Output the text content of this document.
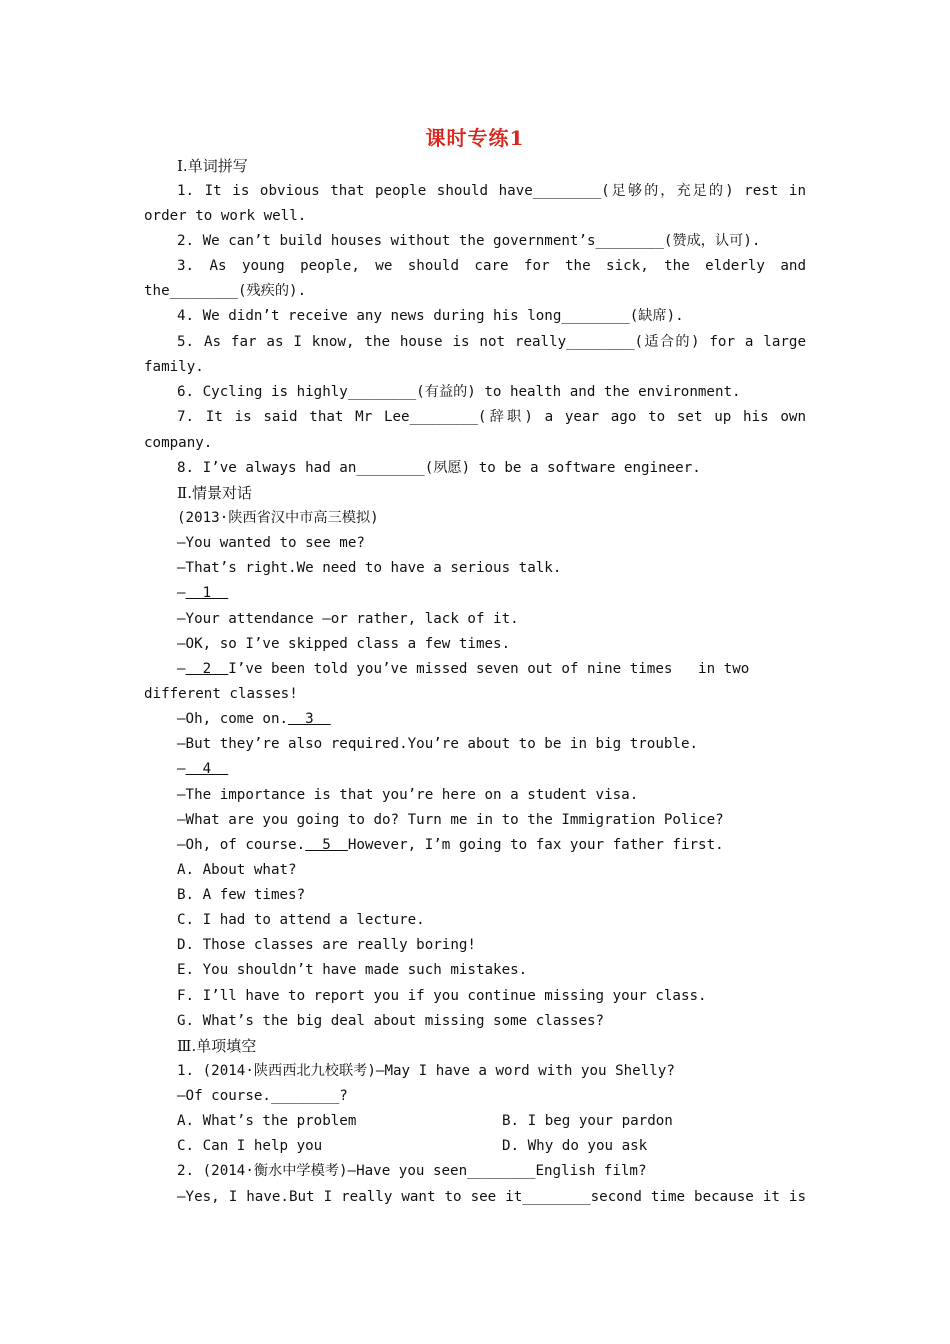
课时专练1
Ⅰ.单词拼写
1. It is obvious that people should have________(足够的，充足的) rest in
order to work well.
2. We can’t build houses without the government’s________(赞成，认可).
3. As young people, we should care for the sick, the elderly and
the________(残疾的).
4. We didn’t receive any news during his long________(缺席).
5. As far as I know, the house is not really________(适合的) for a large
family.
6. Cycling is highly________(有益的) to health and the environment.
7. It is said that Mr Lee________(辞职) a year ago to set up his own
company.
8. I’ve always had an________(夙愿) to be a software engineer.
Ⅱ.情景对话
(2013·陕西省汉中市高三模拟)
—You wanted to see me?
—That’s right.We need to have a serious talk.
—  1
—Your attendance —or rather, lack of it.
—OK, so I’ve skipped class a few times.
—  2  I’ve been told you’ve missed seven out of nine times   in two
different classes!
—Oh, come on.  3
—But they’re also required.You’re about to be in big trouble.
—  4
—The importance is that you’re here on a student visa.
—What are you going to do? Turn me in to the Immigration Police?
—Oh, of course.  5  However, I’m going to fax your father first.
A. About what?
B. A few times?
C. I had to attend a lecture.
D. Those classes are really boring!
E. You shouldn’t have made such mistakes.
F. I’ll have to report you if you continue missing your class.
G. What’s the big deal about missing some classes?
Ⅲ.单项填空
1. (2014·陕西西北九校联考)—May I have a word with you Shelly?
—Of course.________?
A. What’s the problem	B. I beg your pardon
C. Can I help you	D. Why do you ask
2. (2014·衡水中学模考)—Have you seen________English film?
—Yes, I have.But I really want to see it________second time because it is
